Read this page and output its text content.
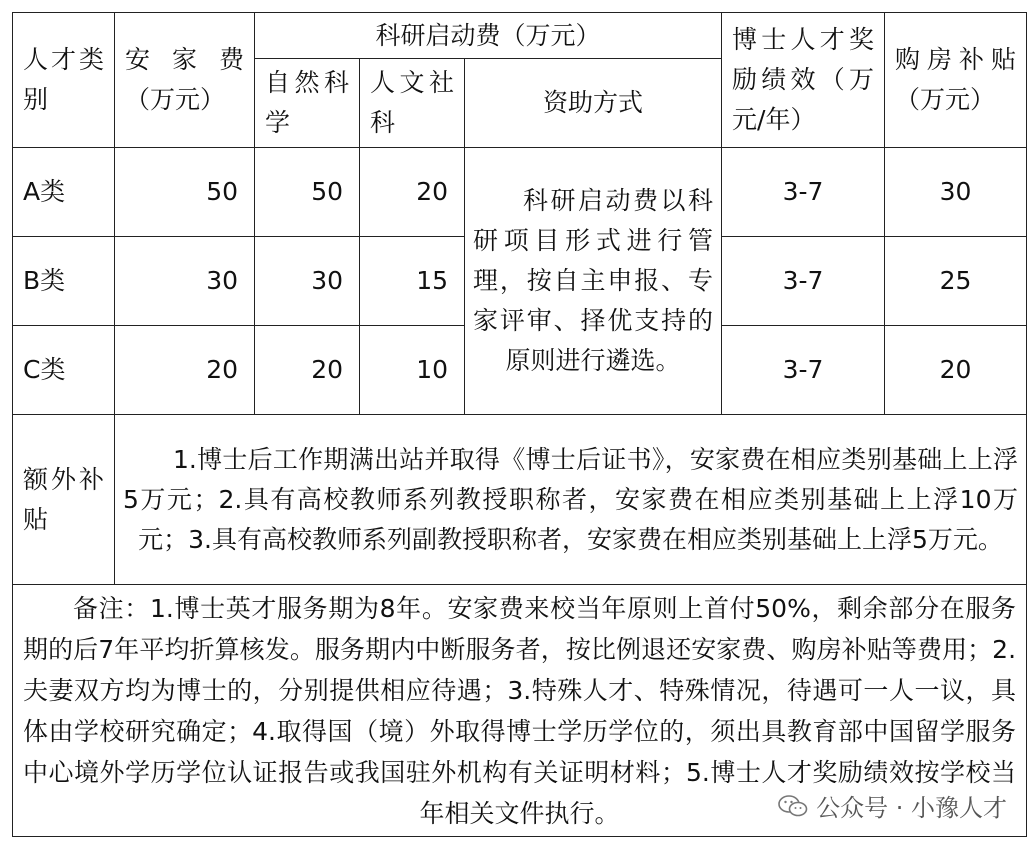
人才类别	安家费（万元）	科研启动费（万元）			博士人才奖励绩效（万元/年）	购房补贴（万元）
		自然科学	人文社科	资助方式		
A类	50	50	20	科研启动费以科研项目形式进行管理，按自主申报、专家评审、择优支持的原则进行遴选。	3-7	30
B类	30	30	15		3-7	25
C类	20	20	10		3-7	20
额外补贴	1.博士后工作期满出站并取得《博士后证书》，安家费在相应类别基础上上浮5万元；2.具有高校教师系列教授职称者，安家费在相应类别基础上上浮10万元；3.具有高校教师系列副教授职称者，安家费在相应类别基础上上浮5万元。					
备注：1.博士英才服务期为8年。安家费来校当年原则上首付50%，剩余部分在服务期的后7年平均折算核发。服务期内中断服务者，按比例退还安家费、购房补贴等费用；2.夫妻双方均为博士的，分别提供相应待遇；3.特殊人才、特殊情况，待遇可一人一议，具体由学校研究确定；4.取得国（境）外取得博士学历学位的，须出具教育部中国留学服务中心境外学历学位认证报告或我国驻外机构有关证明材料；5.博士人才奖励绩效按学校当年相关文件执行。							公众号 · 小豫人才
